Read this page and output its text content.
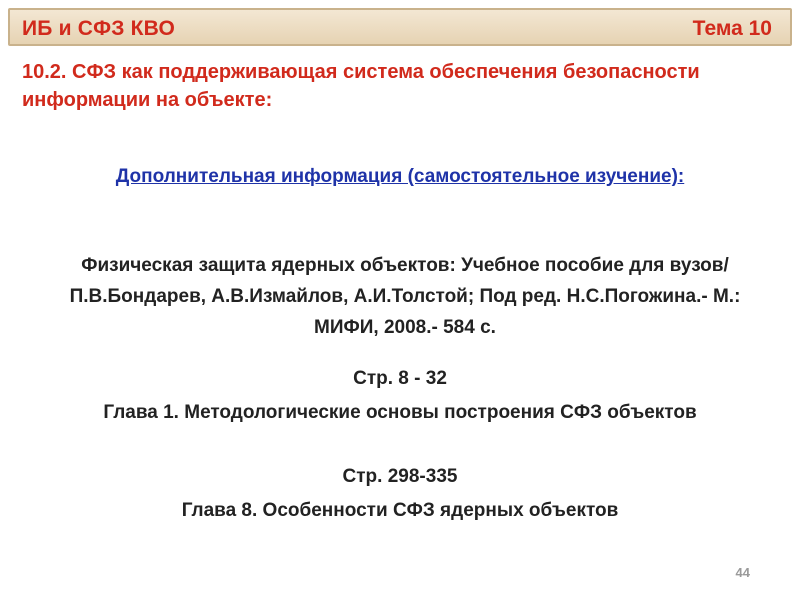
ИБ и СФЗ КВО	Тема 10
10.2. СФЗ как поддерживающая система обеспечения безопасности информации на объекте:
Дополнительная информация (самостоятельное изучение):
Физическая защита ядерных объектов: Учебное пособие для вузов/ П.В.Бондарев, А.В.Измайлов, А.И.Толстой; Под ред. Н.С.Погожина.- М.: МИФИ, 2008.- 584 с.
Стр. 8 - 32
Глава 1. Методологические основы построения СФЗ объектов
Стр. 298-335
Глава 8. Особенности СФЗ ядерных объектов
44
